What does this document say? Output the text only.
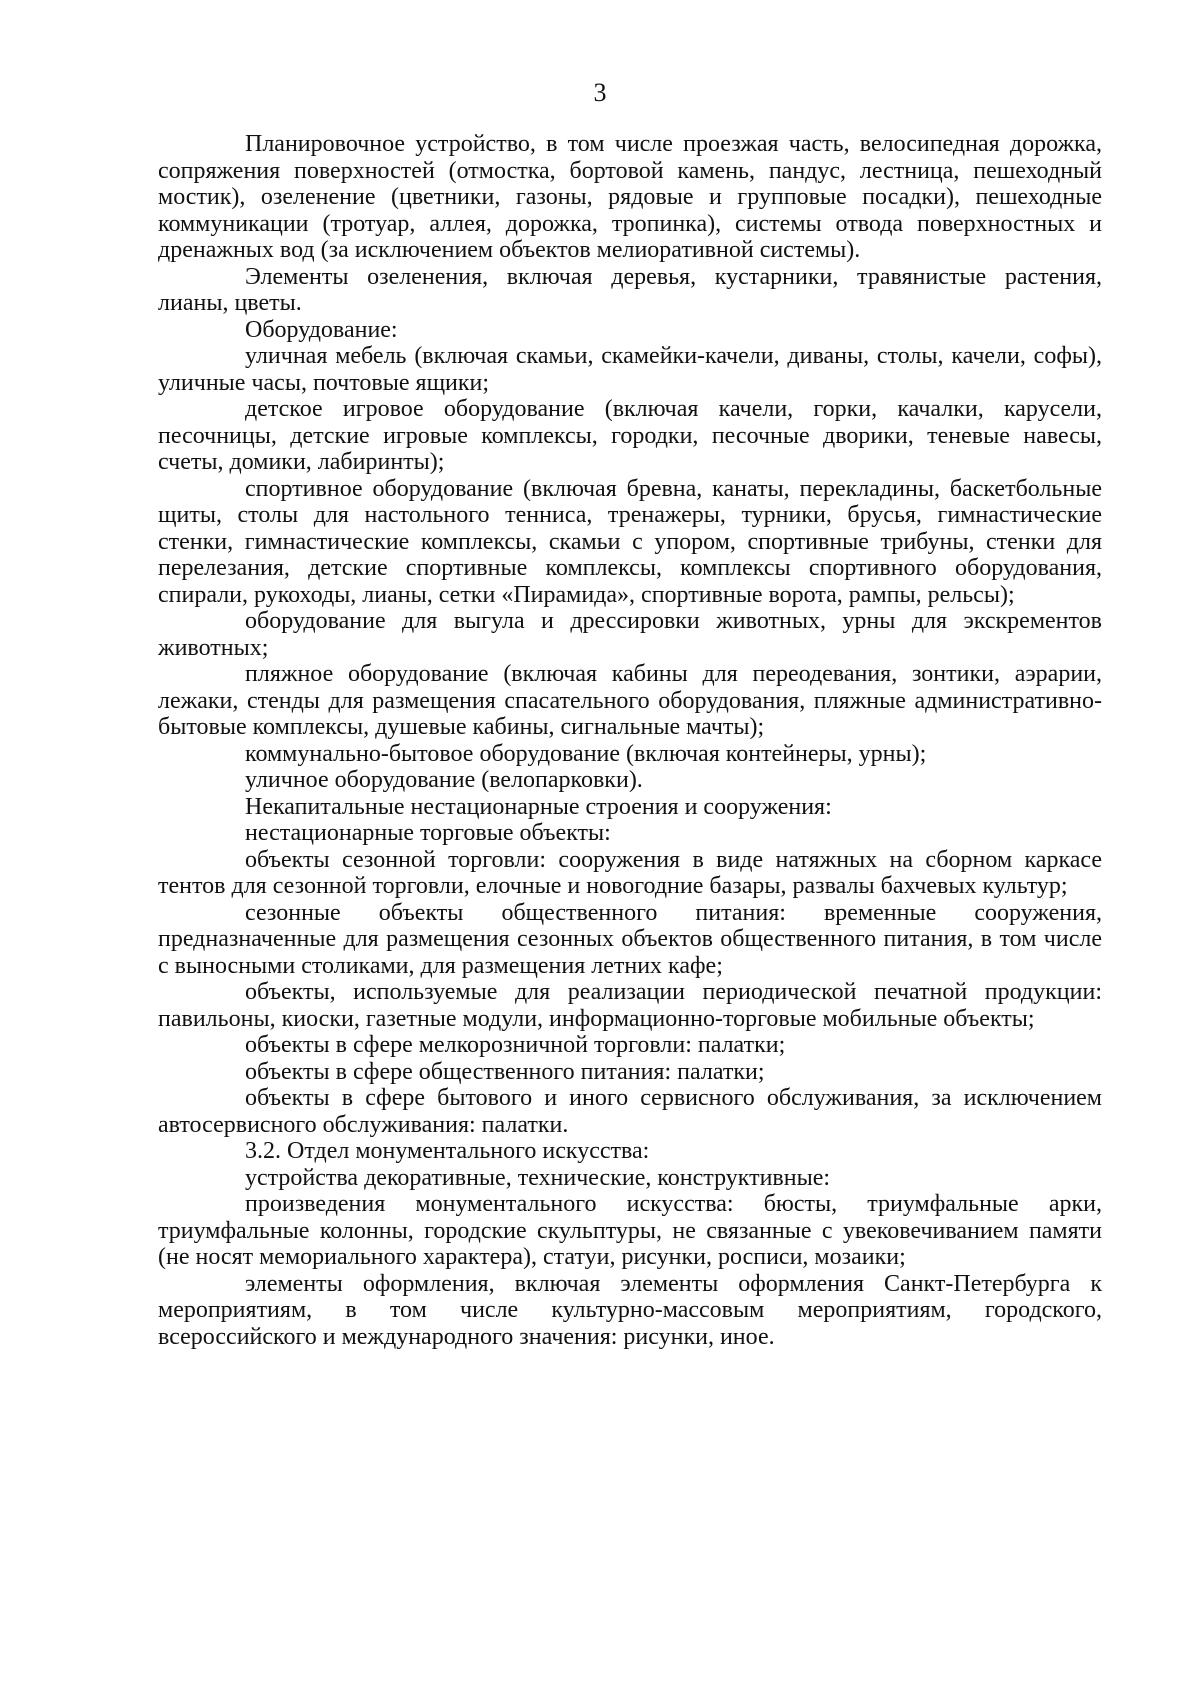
3

Планировочное устройство, в том числе проезжая часть, велосипедная дорожка, сопряжения поверхностей (отмостка, бортовой камень, пандус, лестница, пешеходный мостик), озеленение (цветники, газоны, рядовые и групповые посадки), пешеходные коммуникации (тротуар, аллея, дорожка, тропинка), системы отвода поверхностных и дренажных вод (за исключением объектов мелиоративной системы).

Элементы озеленения, включая деревья, кустарники, травянистые растения, лианы, цветы.

Оборудование:

уличная мебель (включая скамьи, скамейки-качели, диваны, столы, качели, софы), уличные часы, почтовые ящики;

детское игровое оборудование (включая качели, горки, качалки, карусели, песочницы, детские игровые комплексы, городки, песочные дворики, теневые навесы, счеты, домики, лабиринты);

спортивное оборудование (включая бревна, канаты, перекладины, баскетбольные щиты, столы для настольного тенниса, тренажеры, турники, брусья, гимнастические стенки, гимнастические комплексы, скамьи с упором, спортивные трибуны, стенки для перелезания, детские спортивные комплексы, комплексы спортивного оборудования, спирали, рукоходы, лианы, сетки «Пирамида», спортивные ворота, рампы, рельсы);

оборудование для выгула и дрессировки животных, урны для экскрементов животных;

пляжное оборудование (включая кабины для переодевания, зонтики, аэрарии, лежаки, стенды для размещения спасательного оборудования, пляжные административно-бытовые комплексы, душевые кабины, сигнальные мачты);

коммунально-бытовое оборудование (включая контейнеры, урны);

уличное оборудование (велопарковки).

Некапитальные нестационарные строения и сооружения:

нестационарные торговые объекты:

объекты сезонной торговли: сооружения в виде натяжных на сборном каркасе тентов для сезонной торговли, елочные и новогодние базары, развалы бахчевых культур;

сезонные объекты общественного питания: временные сооружения, предназначенные для размещения сезонных объектов общественного питания, в том числе с выносными столиками, для размещения летних кафе;

объекты, используемые для реализации периодической печатной продукции: павильоны, киоски, газетные модули, информационно-торговые мобильные объекты;

объекты в сфере мелкорозничной торговли: палатки;

объекты в сфере общественного питания: палатки;

объекты в сфере бытового и иного сервисного обслуживания, за исключением автосервисного обслуживания: палатки.

3.2. Отдел монументального искусства:

устройства декоративные, технические, конструктивные:

произведения монументального искусства: бюсты, триумфальные арки, триумфальные колонны, городские скульптуры, не связанные с увековечиванием памяти (не носят мемориального характера), статуи, рисунки, росписи, мозаики;

элементы оформления, включая элементы оформления Санкт-Петербурга к мероприятиям, в том числе культурно-массовым мероприятиям, городского, всероссийского и международного значения: рисунки, иное.
